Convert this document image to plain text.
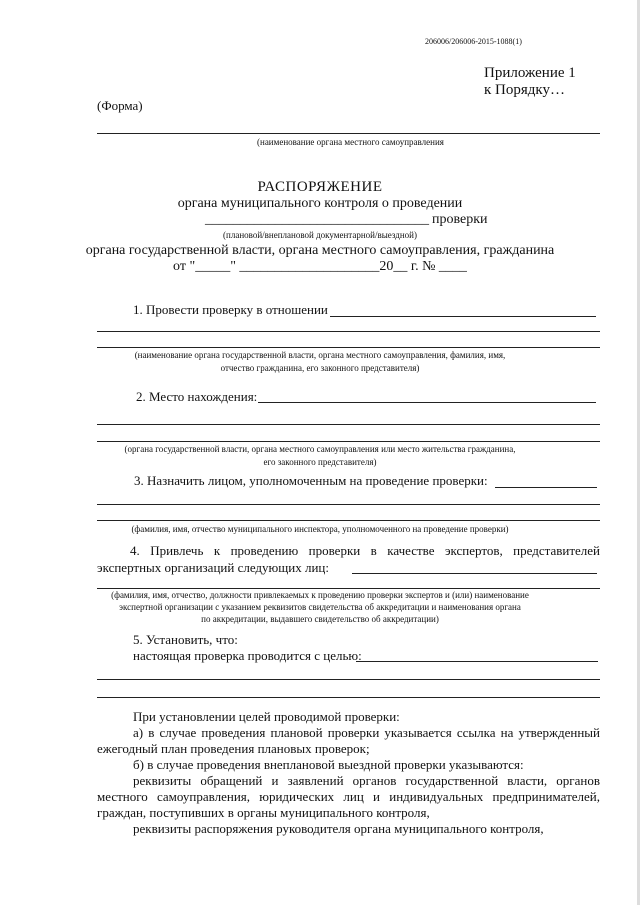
206006/206006-2015-1088(1)
Приложение 1
к Порядку…
(Форма)
(наименование органа местного самоуправления
РАСПОРЯЖЕНИЕ
органа муниципального контроля о проведении
________________________________ проверки
(плановой/внеплановой документарной/выездной)
органа государственной власти, органа местного самоуправления, гражданина
от "_____" ____________________20__ г. № ____
1. Провести проверку в отношении
(наименование органа государственной власти, органа местного самоуправления, фамилия, имя,
отчество гражданина, его законного представителя)
2. Место нахождения:
(органа государственной власти, органа местного самоуправления или место жительства гражданина,
его законного представителя)
3. Назначить лицом, уполномоченным на проведение проверки:
(фамилия, имя, отчество муниципального инспектора, уполномоченного на проведение проверки)
4. Привлечь к проведению проверки в качестве экспертов, представителей
экспертных организаций следующих лиц:
(фамилия, имя, отчество, должности привлекаемых к проведению проверки экспертов и (или) наименование
экспертной организации с указанием реквизитов свидетельства об аккредитации и наименования органа
по аккредитации, выдавшего свидетельство об аккредитации)
5. Установить, что:
настоящая проверка проводится с целью:
При установлении целей проводимой проверки:
а) в случае проведения плановой проверки указывается ссылка на утвержденный
ежегодный план проведения плановых проверок;
б) в случае проведения внеплановой выездной проверки указываются:
реквизиты обращений и заявлений органов государственной власти, органов
местного самоуправления, юридических лиц и индивидуальных предпринимателей,
граждан, поступивших в органы муниципального контроля,
реквизиты распоряжения руководителя органа муниципального контроля,
